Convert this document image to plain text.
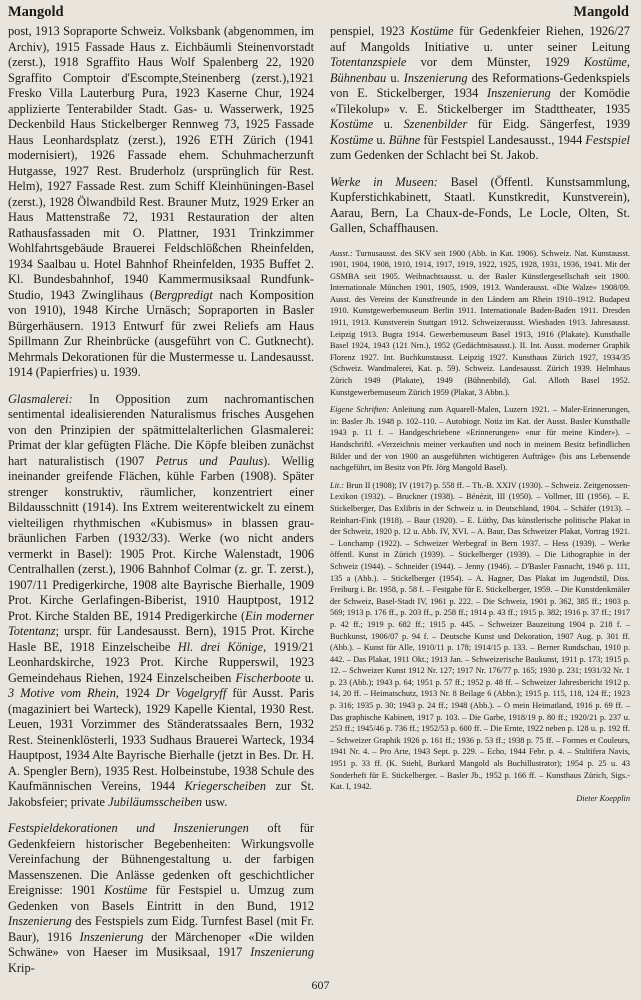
Mangold	Mangold

post, 1913 Sopraporte Schweiz. Volksbank (abgenommen, im Archiv), 1915 Fassade Haus z. Eichbäumli Steinenvorstadt (zerst.), 1918 Sgraffito Haus Wolf Spalenberg 22, 1920 Sgraffito Comptoir d'Escompte,Steinenberg (zerst.),1921 Fresko Villa Lauterburg Pura, 1923 Kaserne Chur, 1924 applizierte Tenterabilder Stadt. Gas- u. Wasserwerk, 1925 Deckenbild Haus Stickelberger Rennweg 73, 1925 Fassade Haus Leonhardsplatz (zerst.), 1926 ETH Zürich (1941 modernisiert), 1926 Fassade ehem. Schuhmacherzunft Hutgasse, 1927 Rest. Bruderholz (ursprünglich für Rest. Helm), 1927 Fassade Rest. zum Schiff Kleinhüningen-Basel (zerst.), 1928 Ölwandbild Rest. Brauner Mutz, 1929 Erker an Haus Mattenstraße 72, 1931 Restauration der alten Rathausfassaden mit O. Plattner, 1931 Trinkzimmer Wohlfahrtsgebäude Brauerei Feldschlößchen Rheinfelden, 1934 Saalbau u. Hotel Bahnhof Rheinfelden, 1935 Buffet 2. Kl. Bundesbahnhof, 1940 Kammermusiksaal Rundfunk-Studio, 1943 Zwinglihaus (Bergpredigt nach Komposition von 1910), 1948 Kirche Urnäsch; Sopraporten in Basler Bürgerhäusern. 1913 Entwurf für zwei Reliefs am Haus Spillmann Zur Rheinbrücke (ausgeführt von C. Gutknecht). Mehrmals Dekorationen für die Mustermesse u. Landesausst. 1914 (Papierfries) u. 1939.

Glasmalerei: In Opposition zum nachromantischen sentimental idealisierenden Naturalismus frisches Ausgehen von den Prinzipien der spätmittelalterlichen Glasmalerei: Primat der klar gefügten Fläche. Die Köpfe bleiben zunächst hart naturalistisch (1907 Petrus und Paulus). Wellig ineinander greifende Flächen, kühle Farben (1908). Später strenger konstruktiv, räumlicher, konzentriert einer Bildausschnitt (1914). Ins Extrem weiterentwickelt zu einem vielteiligen rhythmischen «Kubismus» in blassen grau-bräunlichen Farben (1932/33). Werke (wo nicht anders vermerkt in Basel): 1905 Prot. Kirche Walenstadt, 1906 Centralhallen (zerst.), 1906 Bahnhof Colmar (z. gr. T. zerst.), 1907/11 Predigerkirche, 1908 alte Bayrische Bierhalle, 1909 Prot. Kirche Gerlafingen-Biberist, 1910 Hauptpost, 1912 Prot. Kirche Stalden BE, 1914 Predigerkirche (Ein moderner Totentanz; urspr. für Landesausst. Bern), 1915 Prot. Kirche Hasle BE, 1918 Einzelscheibe Hl. drei Könige, 1919/21 Leonhardskirche, 1923 Prot. Kirche Rupperswil, 1923 Gemeindehaus Riehen, 1924 Einzelscheiben Fischerboote u. 3 Motive vom Rhein, 1924 Dr Vogelgryff für Ausst. Paris (magaziniert bei Warteck), 1929 Kapelle Kiental, 1930 Rest. Leuen, 1931 Vorzimmer des Ständeratssaales Bern, 1932 Rest. Steinenklösterli, 1933 Sudhaus Brauerei Warteck, 1934 Hauptpost, 1934 Alte Bayrische Bierhalle (jetzt in Bes. Dr. H. A. Spengler Bern), 1935 Rest. Holbeinstube, 1938 Schule des Kaufmännischen Vereins, 1944 Kriegerscheiben zur St. Jakobsfeier; private Jubiläumsscheiben usw.

Festspieldekorationen und Inszenierungen oft für Gedenkfeiern historischer Begebenheiten: Wirkungsvolle Vereinfachung der Bühnengestaltung u. der farbigen Massenszenen. Die Anlässe gedenken oft geschichtlicher Ereignisse: 1901 Kostüme für Festspiel u. Umzug zum Gedenken von Basels Eintritt in den Bund, 1912 Inszenierung des Festspiels zum Eidg. Turnfest Basel (mit Fr. Baur), 1916 Inszenierung der Märchenoper «Die wilden Schwäne» von Haeser im Musiksaal, 1917 Inszenierung Krip-

penspiel, 1923 Kostüme für Gedenkfeier Riehen, 1926/27 auf Mangolds Initiative u. unter seiner Leitung Totentanzspiele vor dem Münster, 1929 Kostüme, Bühnenbau u. Inszenierung des Reformations-Gedenkspiels von E. Stickelberger, 1934 Inszenierung der Komödie «Tilekolup» v. E. Stickelberger im Stadttheater, 1935 Kostüme u. Szenenbilder für Eidg. Sängerfest, 1939 Kostüme u. Bühne für Festspiel Landesausst., 1944 Festspiel zum Gedenken der Schlacht bei St. Jakob.

Werke in Museen: Basel (Öffentl. Kunstsammlung, Kupferstichkabinett, Staatl. Kunstkredit, Kunstverein), Aarau, Bern, La Chaux-de-Fonds, Le Locle, Olten, St. Gallen, Schaffhausen.

Ausst.: Turnusausst. des SKV seit 1900 (Abb. in Kat. 1906). Schweiz. Nat. Kunstausst. 1901, 1904, 1908, 1910, 1914, 1917, 1919, 1922, 1925, 1928, 1931, 1936, 1941. Mit der GSMBA seit 1905. Weihnachtsausst. u. der Basler Künstlergesellschaft seit 1900. Internationale München 1901, 1905, 1909, 1913. Wanderausst. «Die Walze» 1908/09. Ausst. des Vereins der Kunstfreunde in den Ländern am Rhein 1910–1912. Budapest 1910. Kunstgewerbemuseum Berlin 1911. Internationale Baden-Baden 1911. Dresden 1911, 1913. Kunstverein Stuttgart 1912. Schweizerausst. Wiesbaden 1913. Jahresausst. Leipzig 1913. Bugra 1914. Gewerbemuseum Basel 1913, 1916 (Plakate). Kunsthalle Basel 1924, 1943 (121 Nrn.), 1952 (Gedächtnisausst.). II. Int. Ausst. moderner Graphik Florenz 1927. Int. Buchkunstausst. Leipzig 1927. Kunsthaus Zürich 1927, 1934/35 (Schweiz. Wandmalerei, Kat. p. 59). Schweiz. Landesausst. Zürich 1939. Helmhaus Zürich 1949 (Plakate), 1949 (Bühnenbild). Gal. Alloth Basel 1952. Kunstgewerbemuseum Zürich 1959 (Plakat, 3 Abbn.).

Eigene Schriften: Anleitung zum Aquarell-Malen, Luzern 1921. – Maler-Erinnerungen, in: Basler Jb. 1948 p. 102–110. – Autobiogr. Notiz im Kat. der Ausst. Basler Kunsthalle 1943 p. 11 f. – Handgeschriebene «Erinnerungen» «nur für meine Kinder»). – Handschriftl. «Verzeichnis meiner verkauften und noch in meinem Besitz befindlichen Bilder und der von 1900 an ausgeführten wichtigeren Aufträge» (bis ans Lebensende nachgeführt, im Besitz von Pfr. Jörg Mangold Basel).

Lit.: Brun II (1908); IV (1917) p. 558 ff. – Th.-B. XXIV (1930). – Schweiz. Zeitgenossen-Lexikon (1932). – Bruckner (1938). – Bénézit, III (1950). – Vollmer, III (1956). – E. Stickelberger, Das Exlibris in der Schweiz u. in Deutschland, 1904. – Schäfer (1913). – Reinhart-Fink (1918). – Baur (1920). – E. Lüthy, Das künstlerische politische Plakat in der Schweiz, 1920 p. 12 u. Abb. IV, XVI. – A. Baur, Das Schweizer Plakat, Vortrag 1921. – Lonchamp (1922). – Schweizer Werbegraf in Bern 1937. – Hess (1939). – Werke öffentl. Kunst in Zürich (1939). – Stickelberger (1939). – Die Lithographie in der Schweiz (1944). – Schneider (1944). – Jenny (1946). – D'Basler Fasnacht, 1946 p. 111, 135 a (Abb.). – Stickelberger (1954). – A. Hagner, Das Plakat im Jugendstil, Diss. Freiburg i. Br. 1958, p. 58 f. – Festgabe für E. Stickelberger, 1959. – Die Kunstdenkmäler der Schweiz, Basel-Stadt IV, 1961 p. 222. – Die Schweiz, 1901 p. 362, 385 ff.; 1903 p. 569; 1913 p. 176 ff., p. 203 ff., p. 258 ff.; 1914 p. 43 ff.; 1915 p. 382; 1916 p. 37 ff.; 1917 p. 42 ff.; 1919 p. 682 ff.; 1915 p. 445. – Schweizer Bauzeitung 1904 p. 218 f. – Buchkunst, 1906/07 p. 94 f. – Deutsche Kunst und Dekoration, 1907 Aug. p. 301 ff. (Abb.). – Kunst für Alle, 1910/11 p. 178; 1914/15 p. 133. – Berner Rundschau, 1910 p. 442. – Das Plakat, 1911 Okt.; 1913 Jan. – Schweizerische Baukunst, 1911 p. 173; 1915 p. 12. – Schweizer Kunst 1912 Nr. 127; 1917 Nr. 176/77 p. 165; 1930 p. 231; 1931/32 Nr. 1 p. 23 (Abb.); 1943 p. 64; 1951 p. 57 ff.; 1952 p. 48 ff. – Schweizer Jahresbericht 1912 p. 14, 20 ff. – Heimatschutz, 1913 Nr. 8 Beilage 6 (Abbn.); 1915 p. 115, 118, 124 ff.; 1923 p. 316; 1935 p. 30; 1943 p. 24 ff.; 1948 (Abb.). – O mein Heimatland, 1916 p. 69 ff. – Das graphische Kabinett, 1917 p. 103. – Die Garbe, 1918/19 p. 80 ff.; 1920/21 p. 237 u. 253 ff.; 1945/46 p. 736 ff.; 1952/53 p. 600 ff. – Die Ernte, 1922 neben p. 128 u. p. 192 ff. – Schweizer Graphik 1926 p. 161 ff.; 1936 p. 53 ff.; 1938 p. 75 ff. – Formes et Couleurs, 1941 Nr. 4. – Pro Arte, 1943 Sept. p. 229. – Echo, 1944 Febr. p. 4. – Stultifera Navis, 1951 p. 33 ff. (K. Stiehl, Burkard Mangold als Buchillustrator); 1954 p. 25 u. 43 Sonderheft für E. Stickelberger. – Basler Jb., 1952 p. 166 ff. – Kunsthaus Zürich, Sigs.-Kat. I, 1942.

Dieter Koepplin

607
